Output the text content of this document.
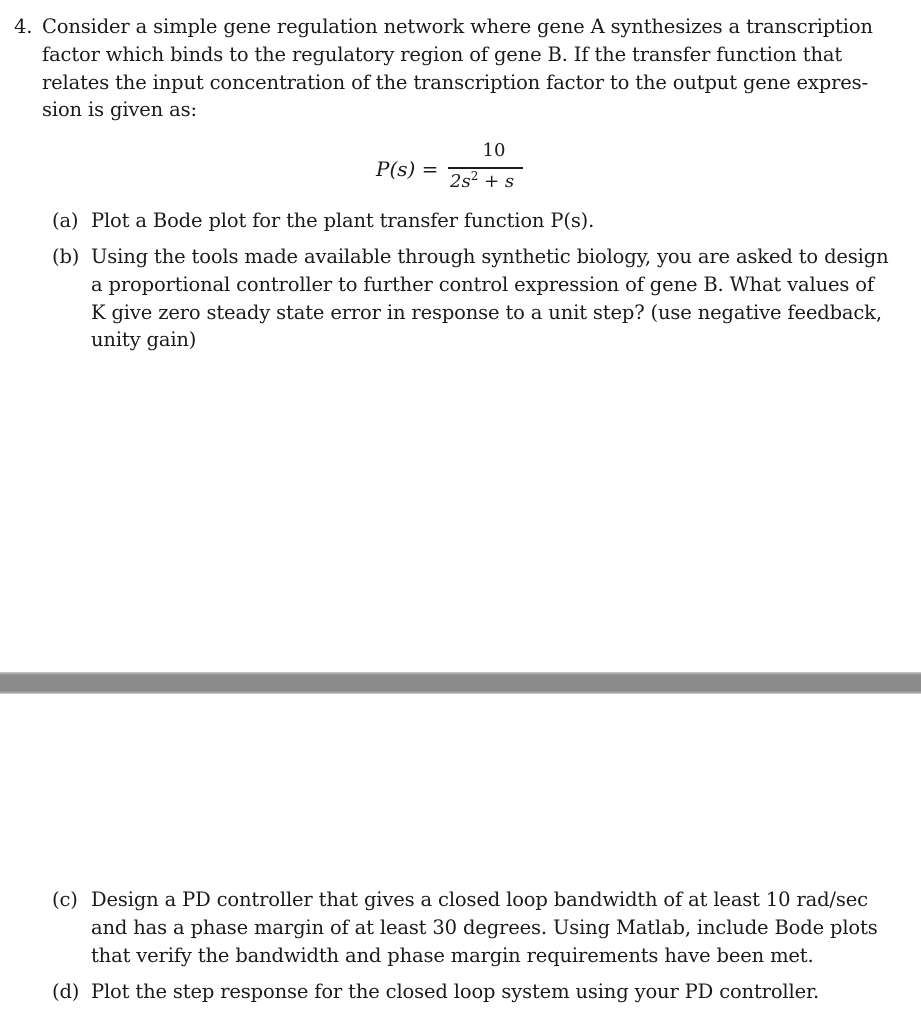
4. Consider a simple gene regulation network where gene A synthesizes a transcription
factor which binds to the regulatory region of gene B. If the transfer function that
relates the input concentration of the transcription factor to the output gene expres-
sion is given as:
P(s) =
10
$2s^2 + s$
(a) Plot a Bode plot for the plant transfer function P(s).
(b) Using the tools made available through synthetic biology, you are asked to design
a proportional controller to further control expression of gene B. What values of
K give zero steady state error in response to a unit step? (use negative feedback,
unity gain)
(c) Design a PD controller that gives a closed loop bandwidth of at least 10 rad/sec
and has a phase margin of at least 30 degrees. Using Matlab, include Bode plots
that verify the bandwidth and phase margin requirements have been met.
(d) Plot the step response for the closed loop system using your PD controller.
